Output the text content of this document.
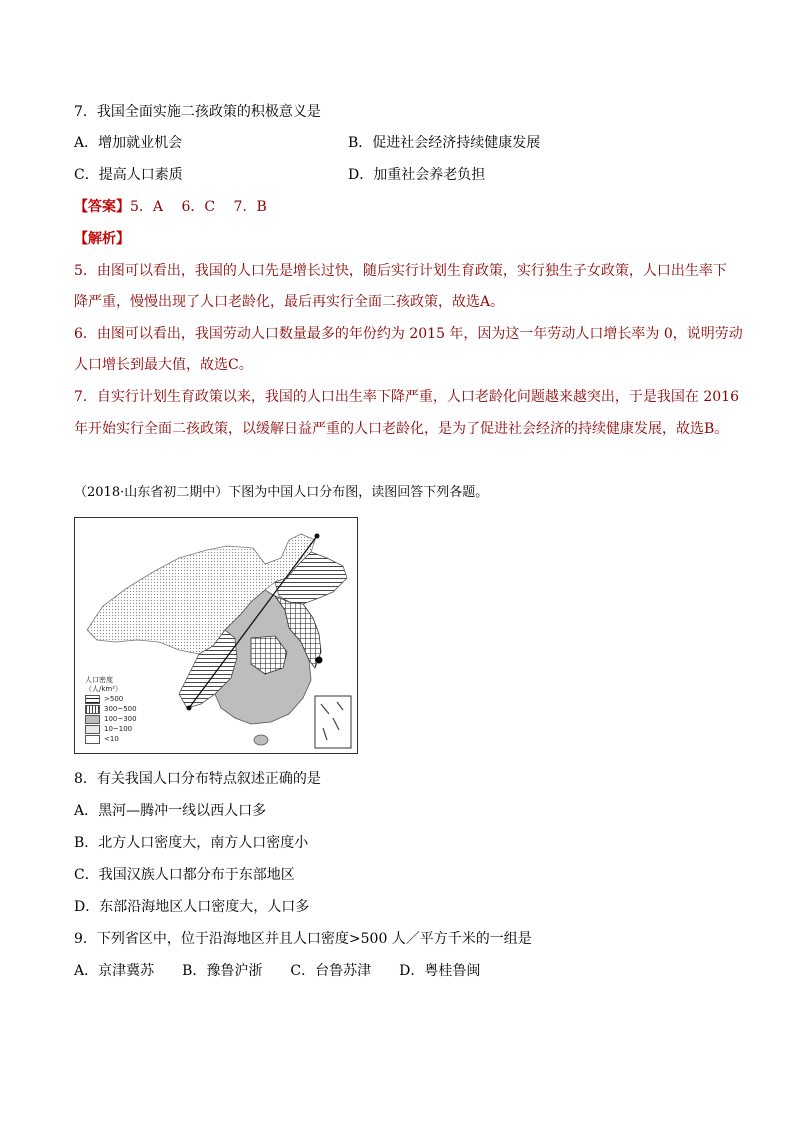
7．我国全面实施二孩政策的积极意义是
A．增加就业机会	B．促进社会经济持续健康发展
C．提高人口素质	D．加重社会养老负担
【答案】5．A　 6．C　 7．B
【解析】
5．由图可以看出，我国的人口先是增长过快，随后实行计划生育政策，实行独生子女政策，人口出生率下
降严重，慢慢出现了人口老龄化，最后再实行全面二孩政策，故选A。
6．由图可以看出，我国劳动人口数量最多的年份约为 2015 年，因为这一年劳动人口增长率为 0，说明劳动
人口增长到最大值，故选C。
7．自实行计划生育政策以来，我国的人口出生率下降严重，人口老龄化问题越来越突出，于是我国在 2016
年开始实行全面二孩政策，以缓解日益严重的人口老龄化，是为了促进社会经济的持续健康发展，故选B。
（2018·山东省初二期中）下图为中国人口分布图，读图回答下列各题。
人口密度
（人/km²）
>500
300~500
100~300
10~100
<10
8．有关我国人口分布特点叙述正确的是
A．黑河—腾冲一线以西人口多
B．北方人口密度大，南方人口密度小
C．我国汉族人口都分布于东部地区
D．东部沿海地区人口密度大，人口多
9．下列省区中，位于沿海地区并且人口密度>500 人／平方千米的一组是
A．京津冀苏　　B．豫鲁沪浙　　C．台鲁苏津　　D．粤桂鲁闽
